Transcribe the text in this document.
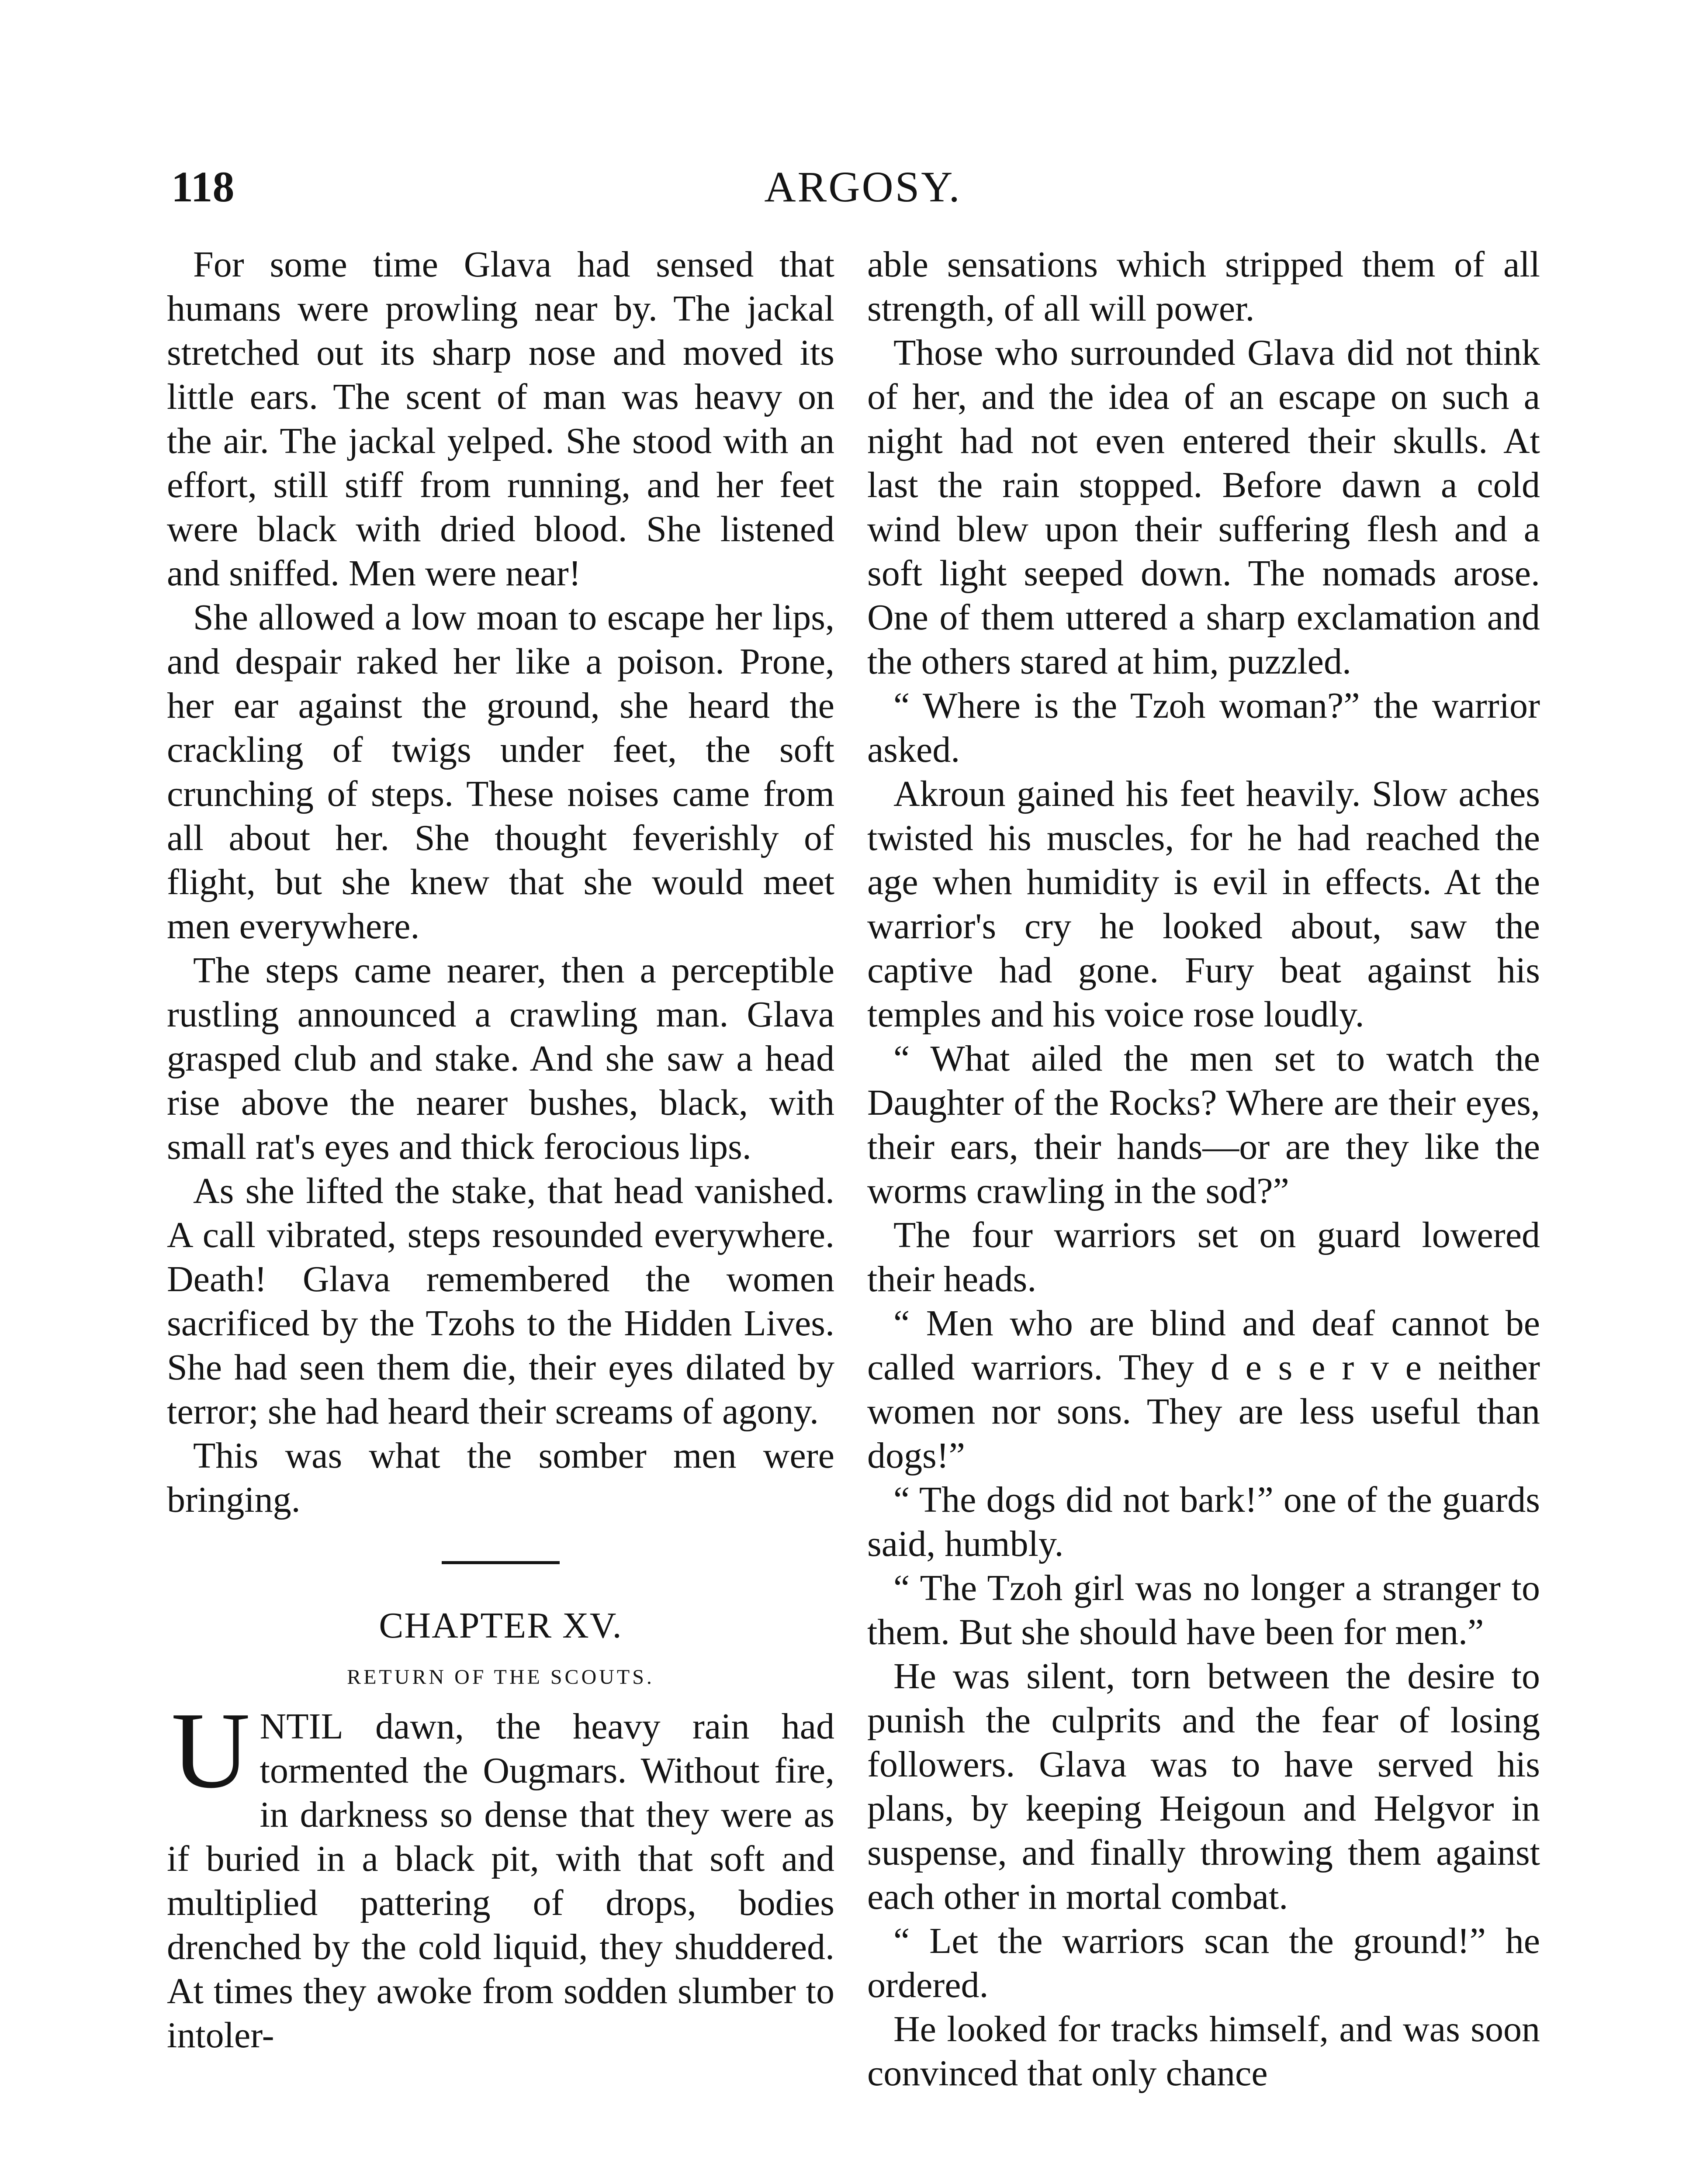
118	ARGOSY.

For some time Glava had sensed that humans were prowling near by. The jackal stretched out its sharp nose and moved its little ears. The scent of man was heavy on the air. The jackal yelped. She stood with an effort, still stiff from running, and her feet were black with dried blood. She listened and sniffed. Men were near!

She allowed a low moan to escape her lips, and despair raked her like a poison. Prone, her ear against the ground, she heard the crackling of twigs under feet, the soft crunching of steps. These noises came from all about her. She thought feverishly of flight, but she knew that she would meet men everywhere.

The steps came nearer, then a perceptible rustling announced a crawling man. Glava grasped club and stake. And she saw a head rise above the nearer bushes, black, with small rat's eyes and thick ferocious lips.

As she lifted the stake, that head vanished. A call vibrated, steps resounded everywhere. Death! Glava remembered the women sacrificed by the Tzohs to the Hidden Lives. She had seen them die, their eyes dilated by terror; she had heard their screams of agony.

This was what the somber men were bringing.

CHAPTER XV.
RETURN OF THE SCOUTS.

UNTIL dawn, the heavy rain had tormented the Ougmars. Without fire, in darkness so dense that they were as if buried in a black pit, with that soft and multiplied pattering of drops, bodies drenched by the cold liquid, they shuddered. At times they awoke from sodden slumber to intoler-

able sensations which stripped them of all strength, of all will power.

Those who surrounded Glava did not think of her, and the idea of an escape on such a night had not even entered their skulls. At last the rain stopped. Before dawn a cold wind blew upon their suffering flesh and a soft light seeped down. The nomads arose. One of them uttered a sharp exclamation and the others stared at him, puzzled.

“ Where is the Tzoh woman?” the warrior asked.

Akroun gained his feet heavily. Slow aches twisted his muscles, for he had reached the age when humidity is evil in effects. At the warrior's cry he looked about, saw the captive had gone. Fury beat against his temples and his voice rose loudly.

“ What ailed the men set to watch the Daughter of the Rocks? Where are their eyes, their ears, their hands—or are they like the worms crawling in the sod?”

The four warriors set on guard lowered their heads.

“ Men who are blind and deaf cannot be called warriors. They d e s e r v e neither women nor sons. They are less useful than dogs!”

“ The dogs did not bark!” one of the guards said, humbly.

“ The Tzoh girl was no longer a stranger to them. But she should have been for men.”

He was silent, torn between the desire to punish the culprits and the fear of losing followers. Glava was to have served his plans, by keeping Heigoun and Helgvor in suspense, and finally throwing them against each other in mortal combat.

“ Let the warriors scan the ground!” he ordered.

He looked for tracks himself, and was soon convinced that only chance
